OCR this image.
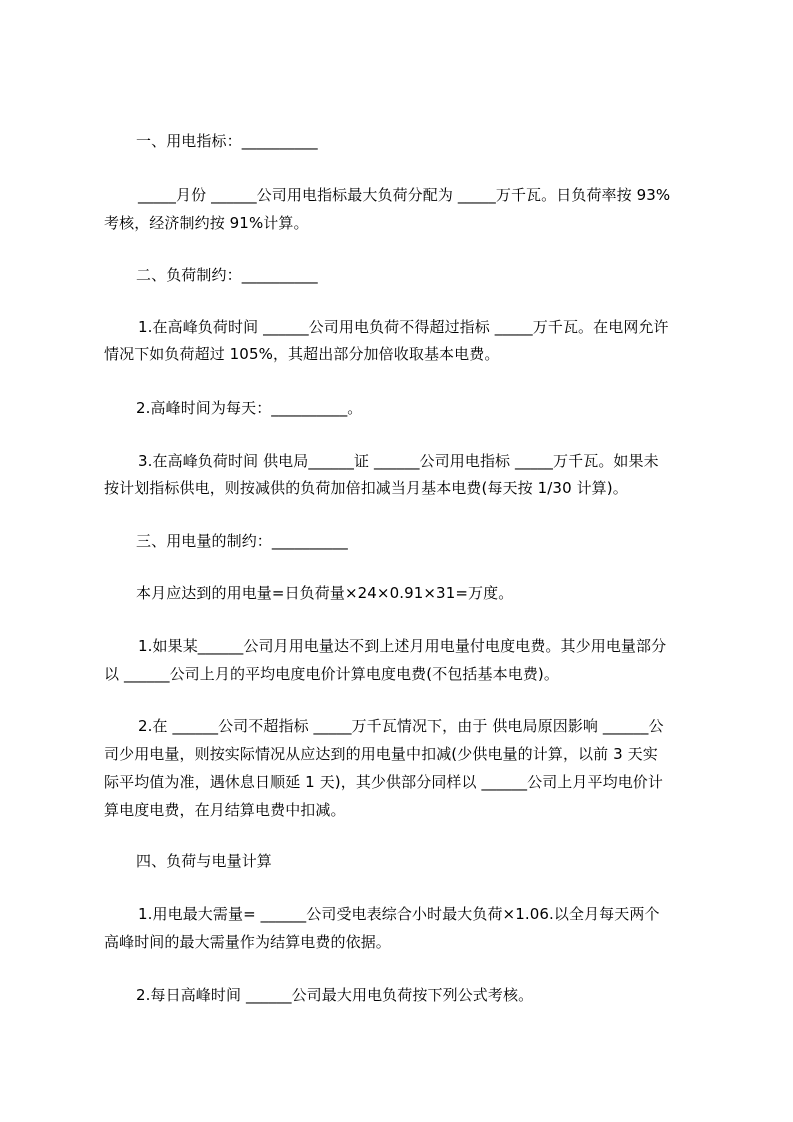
一、用电指标：__________
_____月份 ______公司用电指标最大负荷分配为 _____万千瓦。日负荷率按 93%
考核，经济制约按 91%计算。
二、负荷制约：__________
1.在高峰负荷时间 ______公司用电负荷不得超过指标 _____万千瓦。在电网允许
情况下如负荷超过 105%，其超出部分加倍收取基本电费。
2.高峰时间为每天：__________。
3.在高峰负荷时间 供电局______证 ______公司用电指标 _____万千瓦。如果未
按计划指标供电，则按减供的负荷加倍扣减当月基本电费(每天按 1/30 计算)。
三、用电量的制约：__________
本月应达到的用电量=日负荷量×24×0.91×31=万度。
1.如果某______公司月用电量达不到上述月用电量付电度电费。其少用电量部分
以 ______公司上月的平均电度电价计算电度电费(不包括基本电费)。
2.在 ______公司不超指标 _____万千瓦情况下，由于 供电局原因影响 ______公
司少用电量，则按实际情况从应达到的用电量中扣减(少供电量的计算，以前 3 天实
际平均值为准，遇休息日顺延 1 天)，其少供部分同样以 ______公司上月平均电价计
算电度电费，在月结算电费中扣减。
四、负荷与电量计算
1.用电最大需量= ______公司受电表综合小时最大负荷×1.06.以全月每天两个
高峰时间的最大需量作为结算电费的依据。
2.每日高峰时间 ______公司最大用电负荷按下列公式考核。
